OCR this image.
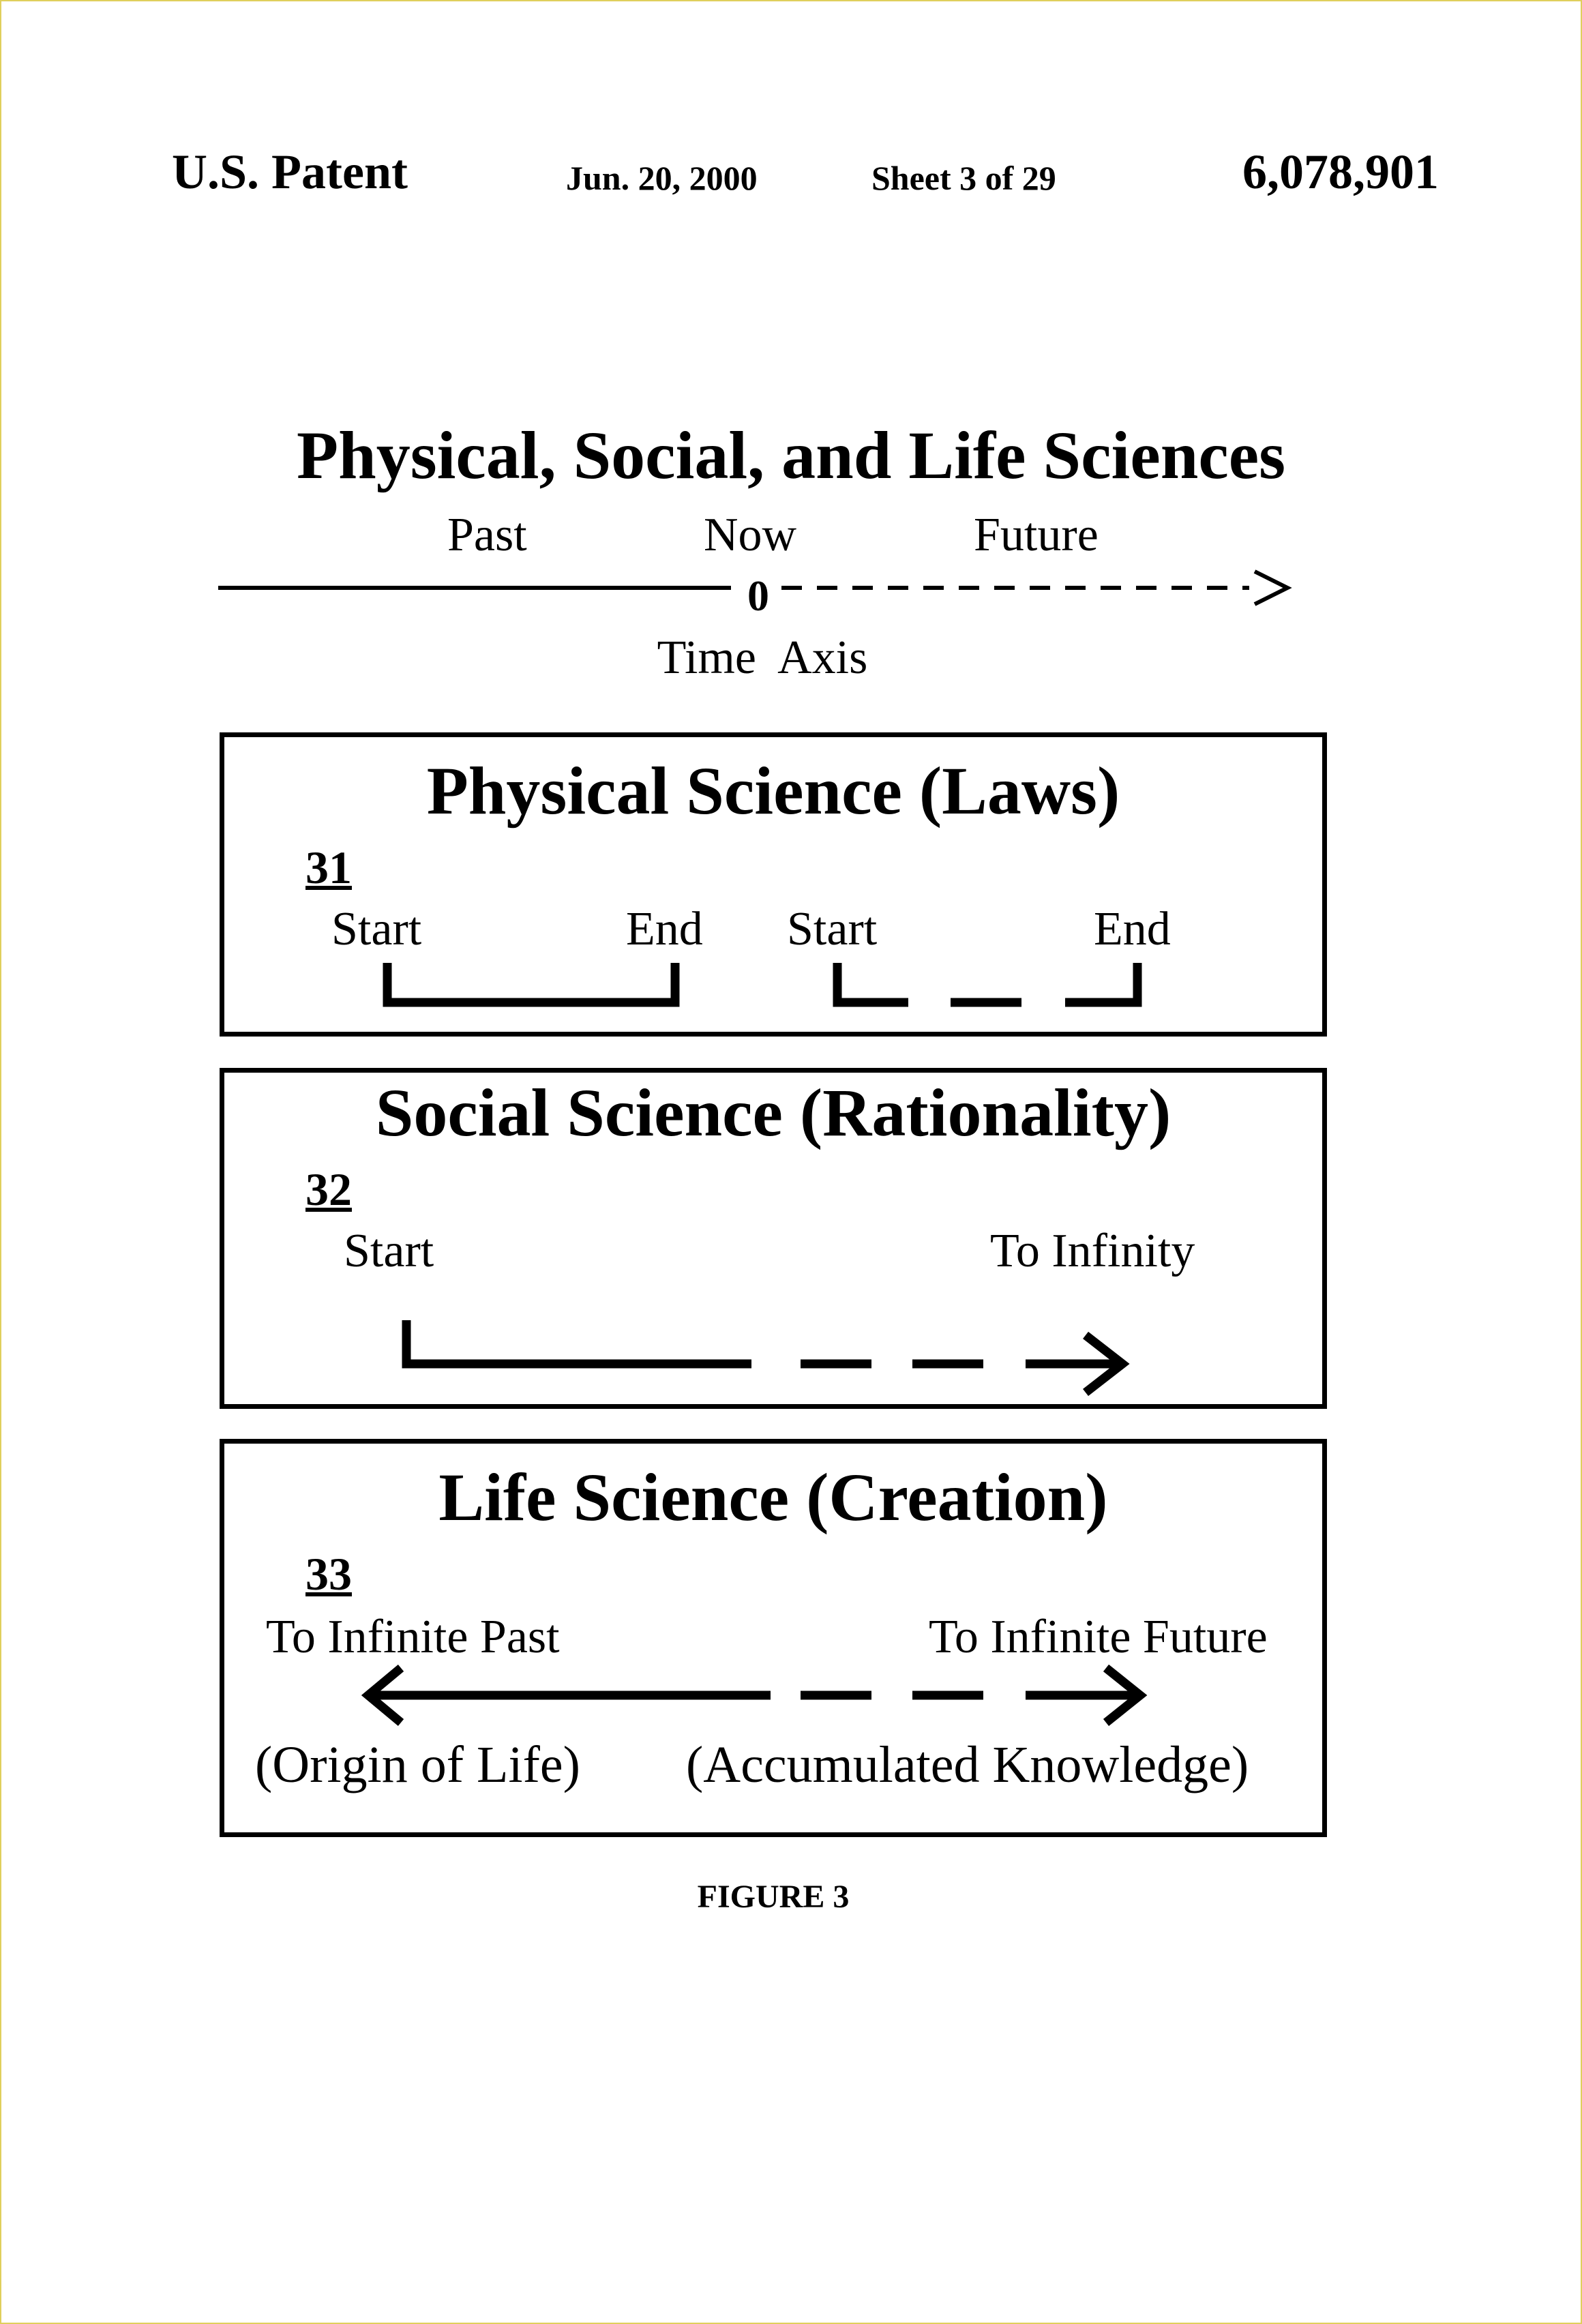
U.S. Patent	Jun. 20, 2000	Sheet 3 of 29	6,078,901
Physical, Social, and Life Sciences
Past	Now	Future
0
Time  Axis
Physical Science (Laws)
31
Start	End Start	End
Social Science (Rationality)
32
Start	To Infinity
Life Science (Creation)
33
To Infinite Past	To Infinite Future
(Origin of Life) (Accumulated Knowledge)
FIGURE 3
